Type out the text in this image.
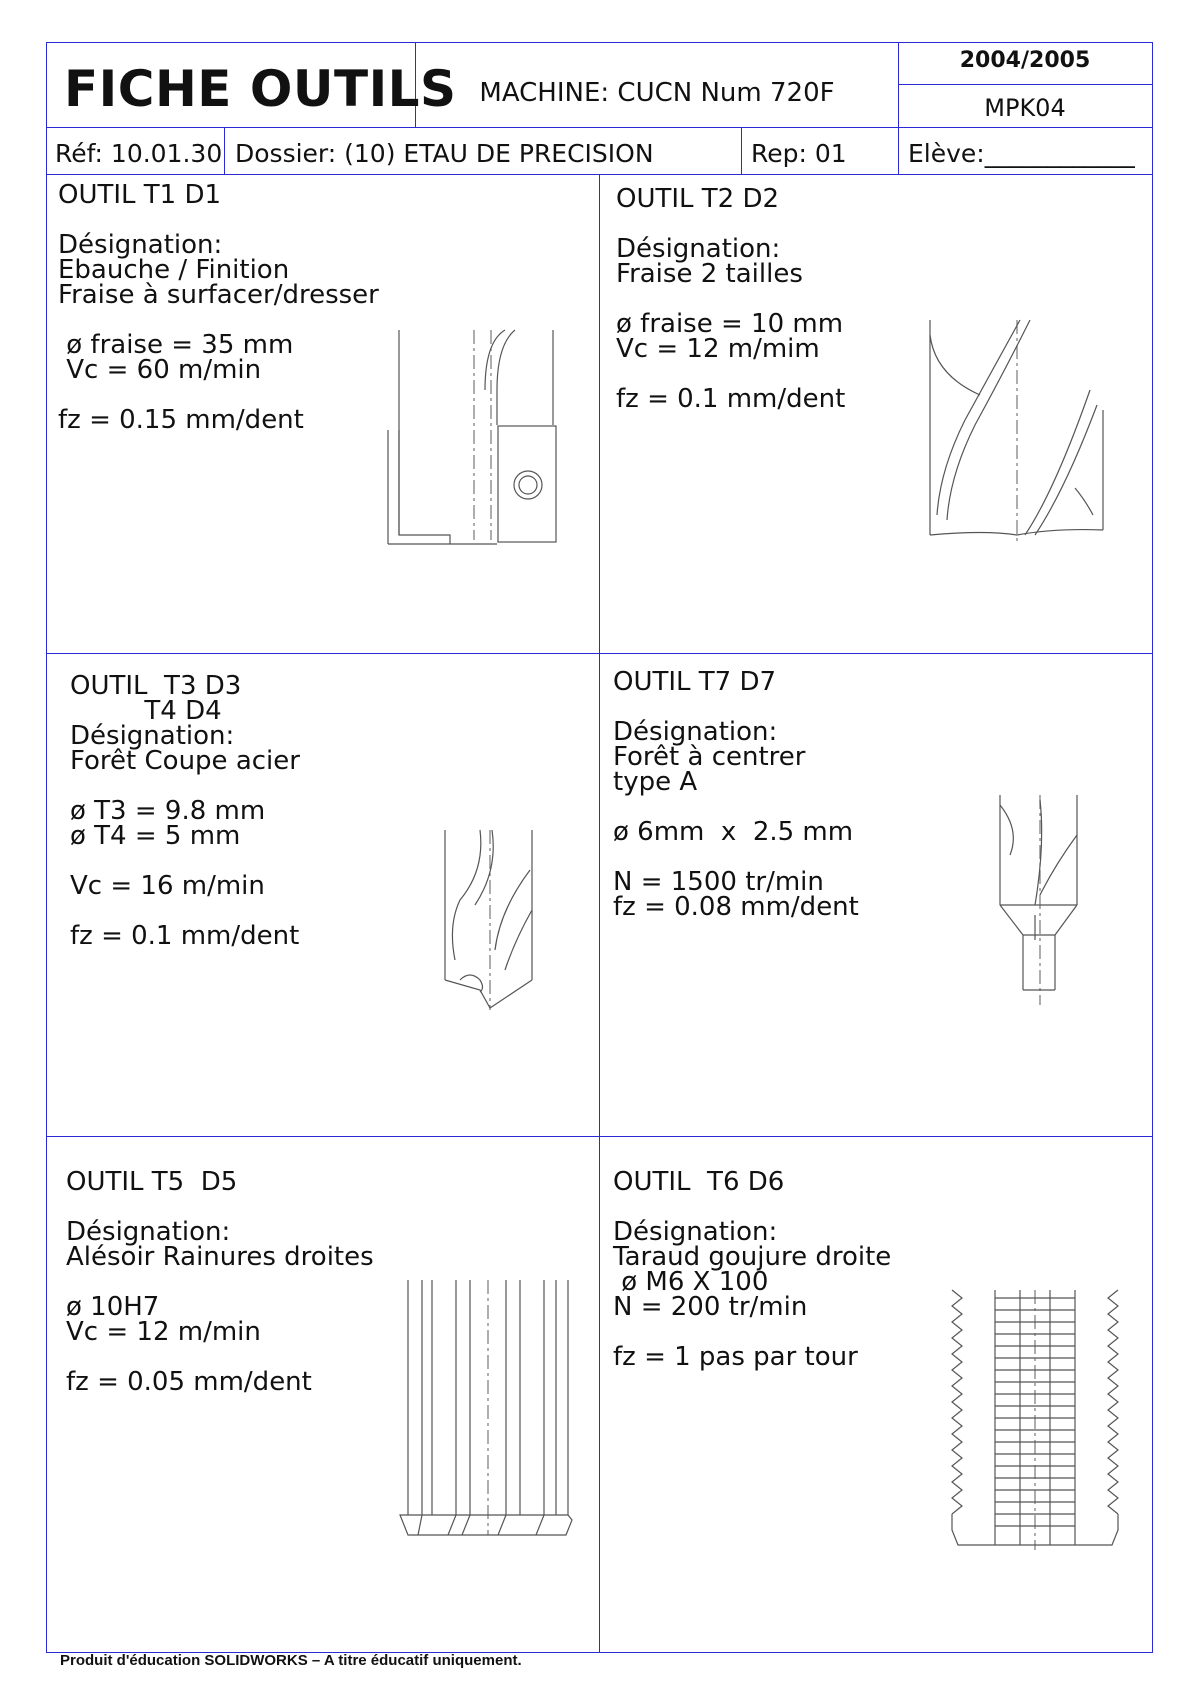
FICHE OUTILS MACHINE: CUCN Num 720F
2004/2005
MPK04
Réf: 10.01.30 Dossier: (10) ETAU DE PRECISION	Rep: 01 Elève:____________
OUTIL T1 D1
Désignation:
Ebauche / Finition
Fraise à surfacer/dresser
ø fraise = 35 mm
Vc = 60 m/min
fz = 0.15 mm/dent
OUTIL T2 D2
Désignation:
Fraise 2 tailles
ø fraise = 10 mm
Vc = 12 m/mim
fz = 0.1 mm/dent
OUTIL  T3 D3
T4 D4
Désignation:
Forêt Coupe acier
ø T3 = 9.8 mm
ø T4 = 5 mm
Vc = 16 m/min
fz = 0.1 mm/dent
OUTIL T7 D7
Désignation:
Forêt à centrer
type A
ø 6mm  x  2.5 mm
N = 1500 tr/min
fz = 0.08 mm/dent
OUTIL T5  D5
Désignation:
Alésoir Rainures droites
ø 10H7
Vc = 12 m/min
fz = 0.05 mm/dent
OUTIL  T6 D6
Désignation:
Taraud goujure droite
ø M6 X 100
N = 200 tr/min
fz = 1 pas par tour
Produit d'éducation SOLIDWORKS – A titre éducatif uniquement.
